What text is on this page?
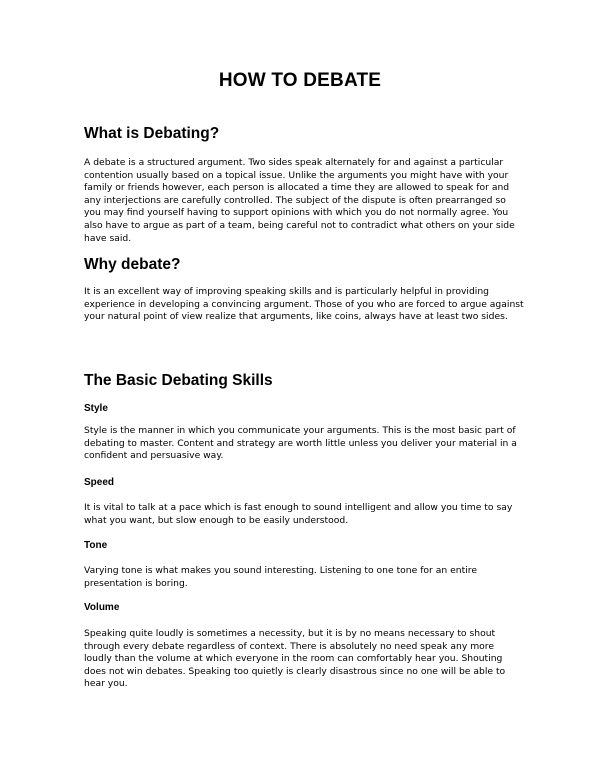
HOW TO DEBATE
What is Debating?
A debate is a structured argument. Two sides speak alternately for and against a particular contention usually based on a topical issue. Unlike the arguments you might have with your family or friends however, each person is allocated a time they are allowed to speak for and any interjections are carefully controlled. The subject of the dispute is often prearranged so you may find yourself having to support opinions with which you do not normally agree. You also have to argue as part of a team, being careful not to contradict what others on your side have said.
Why debate?
It is an excellent way of improving speaking skills and is particularly helpful in providing experience in developing a convincing argument. Those of you who are forced to argue against your natural point of view realize that arguments, like coins, always have at least two sides.
The Basic Debating Skills
Style
Style is the manner in which you communicate your arguments. This is the most basic part of debating to master. Content and strategy are worth little unless you deliver your material in a confident and persuasive way.
Speed
It is vital to talk at a pace which is fast enough to sound intelligent and allow you time to say what you want, but slow enough to be easily understood.
Tone
Varying tone is what makes you sound interesting. Listening to one tone for an entire presentation is boring.
Volume
Speaking quite loudly is sometimes a necessity, but it is by no means necessary to shout through every debate regardless of context. There is absolutely no need speak any more loudly than the volume at which everyone in the room can comfortably hear you. Shouting does not win debates. Speaking too quietly is clearly disastrous since no one will be able to hear you.
